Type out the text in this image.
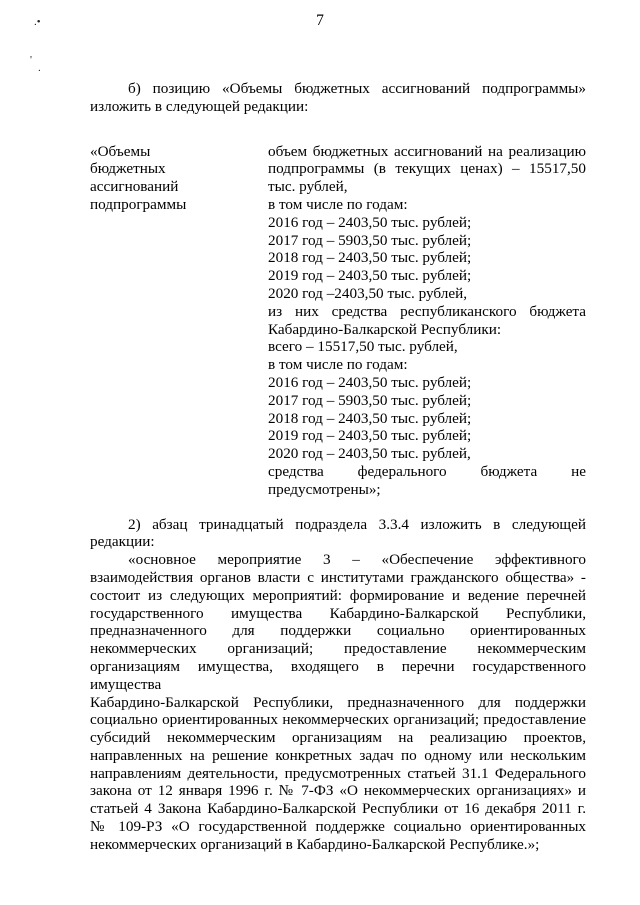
7
.•
'
.
б) позицию «Объемы бюджетных ассигнований подпрограммы»
изложить в следующей редакции:
«Объемы
бюджетных
ассигнований
подпрограммы
объем бюджетных ассигнований на реализацию
подпрограммы (в текущих ценах) – 15517,50
тыс. рублей,
в том числе по годам:
2016 год – 2403,50 тыс. рублей;
2017 год – 5903,50 тыс. рублей;
2018 год – 2403,50 тыс. рублей;
2019 год – 2403,50 тыс. рублей;
2020 год –2403,50 тыс. рублей,
из них средства республиканского бюджета
Кабардино-Балкарской Республики:
всего – 15517,50 тыс. рублей,
в том числе по годам:
2016 год – 2403,50 тыс. рублей;
2017 год – 5903,50 тыс. рублей;
2018 год – 2403,50 тыс. рублей;
2019 год – 2403,50 тыс. рублей;
2020 год – 2403,50 тыс. рублей,
средства федерального бюджета не
предусмотрены»;
2) абзац тринадцатый подраздела 3.3.4 изложить в следующей
редакции:
«основное мероприятие 3 – «Обеспечение эффективного
взаимодействия органов власти с институтами гражданского общества» -
состоит из следующих мероприятий: формирование и ведение перечней
государственного имущества Кабардино-Балкарской Республики,
предназначенного для поддержки социально ориентированных
некоммерческих организаций; предоставление некоммерческим
организациям имущества, входящего в перечни государственного имущества
Кабардино-Балкарской Республики, предназначенного для поддержки
социально ориентированных некоммерческих организаций; предоставление
субсидий некоммерческим организациям на реализацию проектов,
направленных на решение конкретных задач по одному или нескольким
направлениям деятельности, предусмотренных статьей 31.1 Федерального
закона от 12 января 1996 г. № 7-ФЗ «О некоммерческих организациях» и
статьей 4 Закона Кабардино-Балкарской Республики от 16 декабря 2011 г.
№ 109-РЗ «О государственной поддержке социально ориентированных
некоммерческих организаций в Кабардино-Балкарской Республике.»;
